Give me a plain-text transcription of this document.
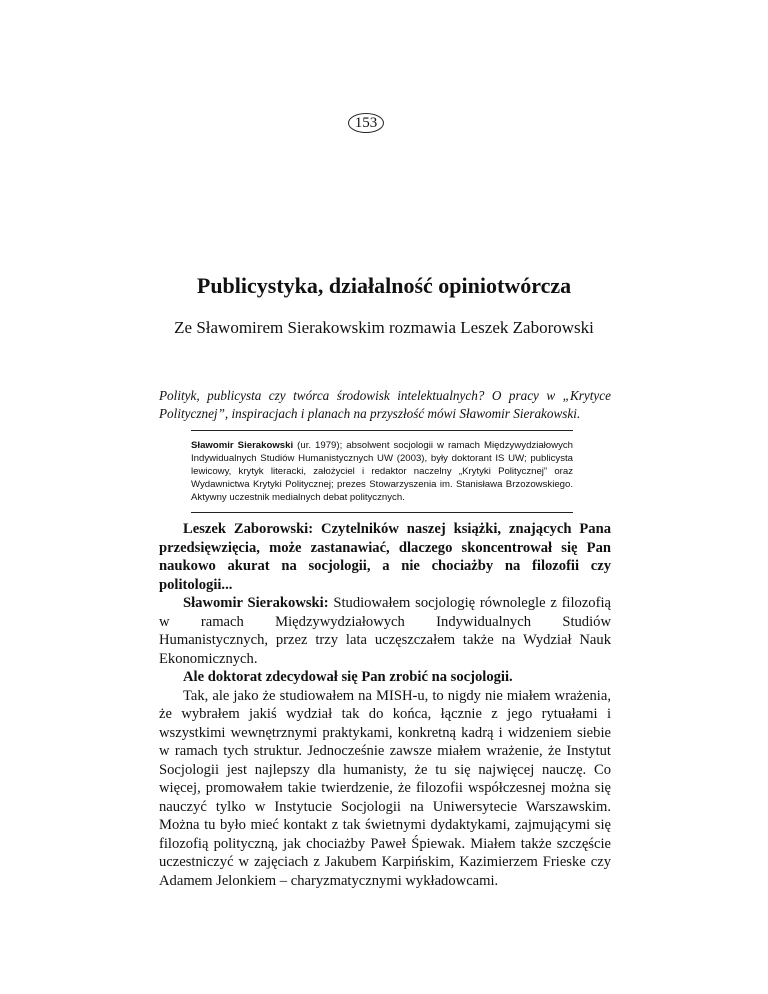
153
Publicystyka, działalność opiniotwórcza
Ze Sławomirem Sierakowskim rozmawia Leszek Zaborowski
Polityk, publicysta czy twórca środowisk intelektualnych? O pracy w „Krytyce Politycznej”, inspiracjach i planach na przyszłość mówi Sławomir Sierakowski.

Sławomir Sierakowski (ur. 1979); absolwent socjologii w ramach Międzywydziałowych Indywidualnych Studiów Humanistycznych UW (2003), były doktorant IS UW; publicysta lewicowy, krytyk literacki, założyciel i redaktor naczelny „Krytyki Politycznej” oraz Wydawnictwa Krytyki Politycznej; prezes Stowarzyszenia im. Stanisława Brzozowskiego. Aktywny uczestnik medialnych debat politycznych.

Leszek Zaborowski: Czytelników naszej książki, znających Pana przedsięwzięcia, może zastanawiać, dlaczego skoncentrował się Pan naukowo akurat na socjologii, a nie chociażby na filozofii czy politologii...

Sławomir Sierakowski: Studiowałem socjologię równolegle z filozofią w ramach Międzywydziałowych Indywidualnych Studiów Humanistycznych, przez trzy lata uczęszczałem także na Wydział Nauk Ekonomicznych.

Ale doktorat zdecydował się Pan zrobić na socjologii.

Tak, ale jako że studiowałem na MISH-u, to nigdy nie miałem wrażenia, że wybrałem jakiś wydział tak do końca, łącznie z jego rytuałami i wszystkimi wewnętrznymi praktykami, konkretną kadrą i widzeniem siebie w ramach tych struktur. Jednocześnie zawsze miałem wrażenie, że Instytut Socjologii jest najlepszy dla humanisty, że tu się najwięcej nauczę. Co więcej, promowałem takie twierdzenie, że filozofii współczesnej można się nauczyć tylko w Instytucie Socjologii na Uniwersytecie Warszawskim. Można tu było mieć kontakt z tak świetnymi dydaktykami, zajmującymi się filozofią polityczną, jak chociażby Paweł Śpiewak. Miałem także szczęście uczestniczyć w zajęciach z Jakubem Karpińskim, Kazimierzem Frieske czy Adamem Jelonkiem – charyzmatycznymi wykładowcami.
